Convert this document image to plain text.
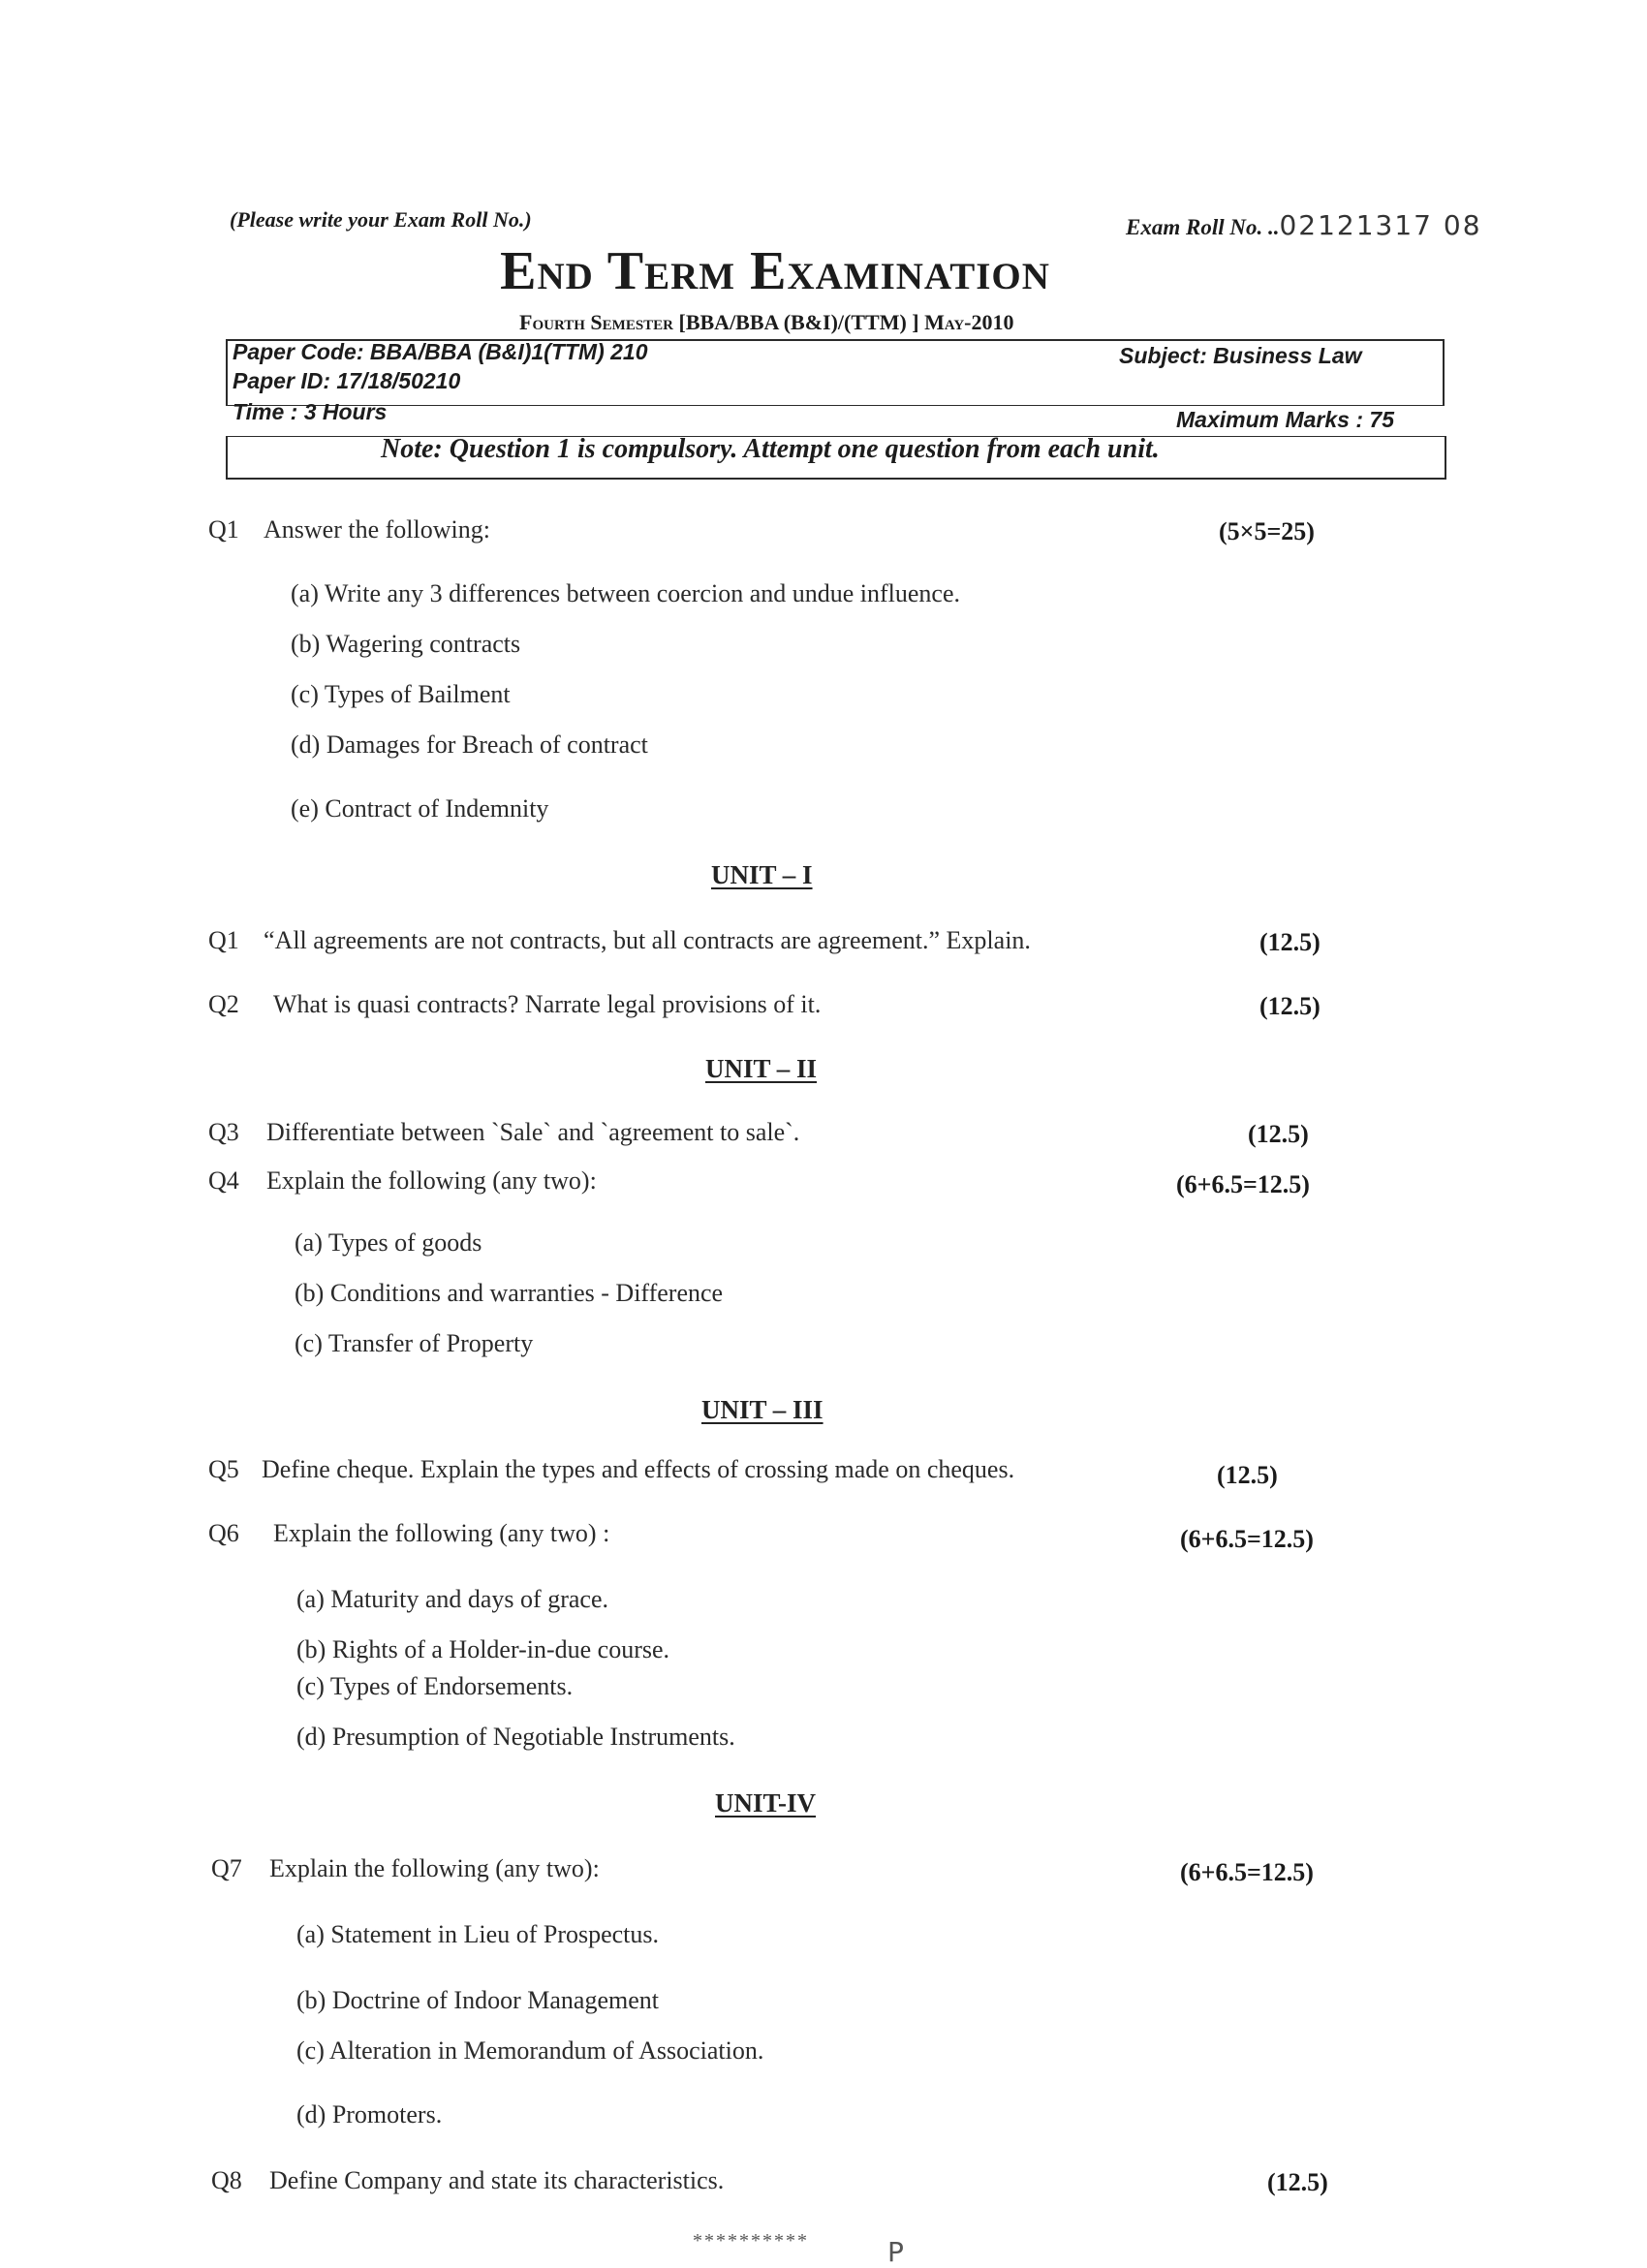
(Please write your Exam Roll No.)	Exam Roll No. ..02121317 08
End Term Examination
Fourth Semester [BBA/BBA (B&I)/(TTM) ] May-2010
Paper Code: BBA/BBA (B&I)1(TTM) 210
Paper ID: 17/18/50210
Subject: Business Law
Time : 3 Hours	Maximum Marks : 75
Note: Question 1 is compulsory. Attempt one question from each unit.
Q1 Answer the following:	(5×5=25)
(a) Write any 3 differences between coercion and undue influence.
(b) Wagering contracts
(c) Types of Bailment
(d) Damages for Breach of contract
(e) Contract of Indemnity
UNIT – I
Q1 “All agreements are not contracts, but all contracts are agreement.” Explain.	(12.5)
Q2 What is quasi contracts? Narrate legal provisions of it.	(12.5)
UNIT – II
Q3 Differentiate between `Sale` and `agreement to sale`.	(12.5)
Q4 Explain the following (any two):	(6+6.5=12.5)
(a) Types of goods
(b) Conditions and warranties - Difference
(c) Transfer of Property
UNIT – III
Q5 Define cheque. Explain the types and effects of crossing made on cheques.	(12.5)
Q6 Explain the following (any two) :	(6+6.5=12.5)
(a) Maturity and days of grace.
(b) Rights of a Holder-in-due course.
(c) Types of Endorsements.
(d) Presumption of Negotiable Instruments.
UNIT-IV
Q7 Explain the following (any two):	(6+6.5=12.5)
(a) Statement in Lieu of Prospectus.
(b) Doctrine of Indoor Management
(c) Alteration in Memorandum of Association.
(d) Promoters.
Q8 Define Company and state its characteristics.	(12.5)
**********	P
